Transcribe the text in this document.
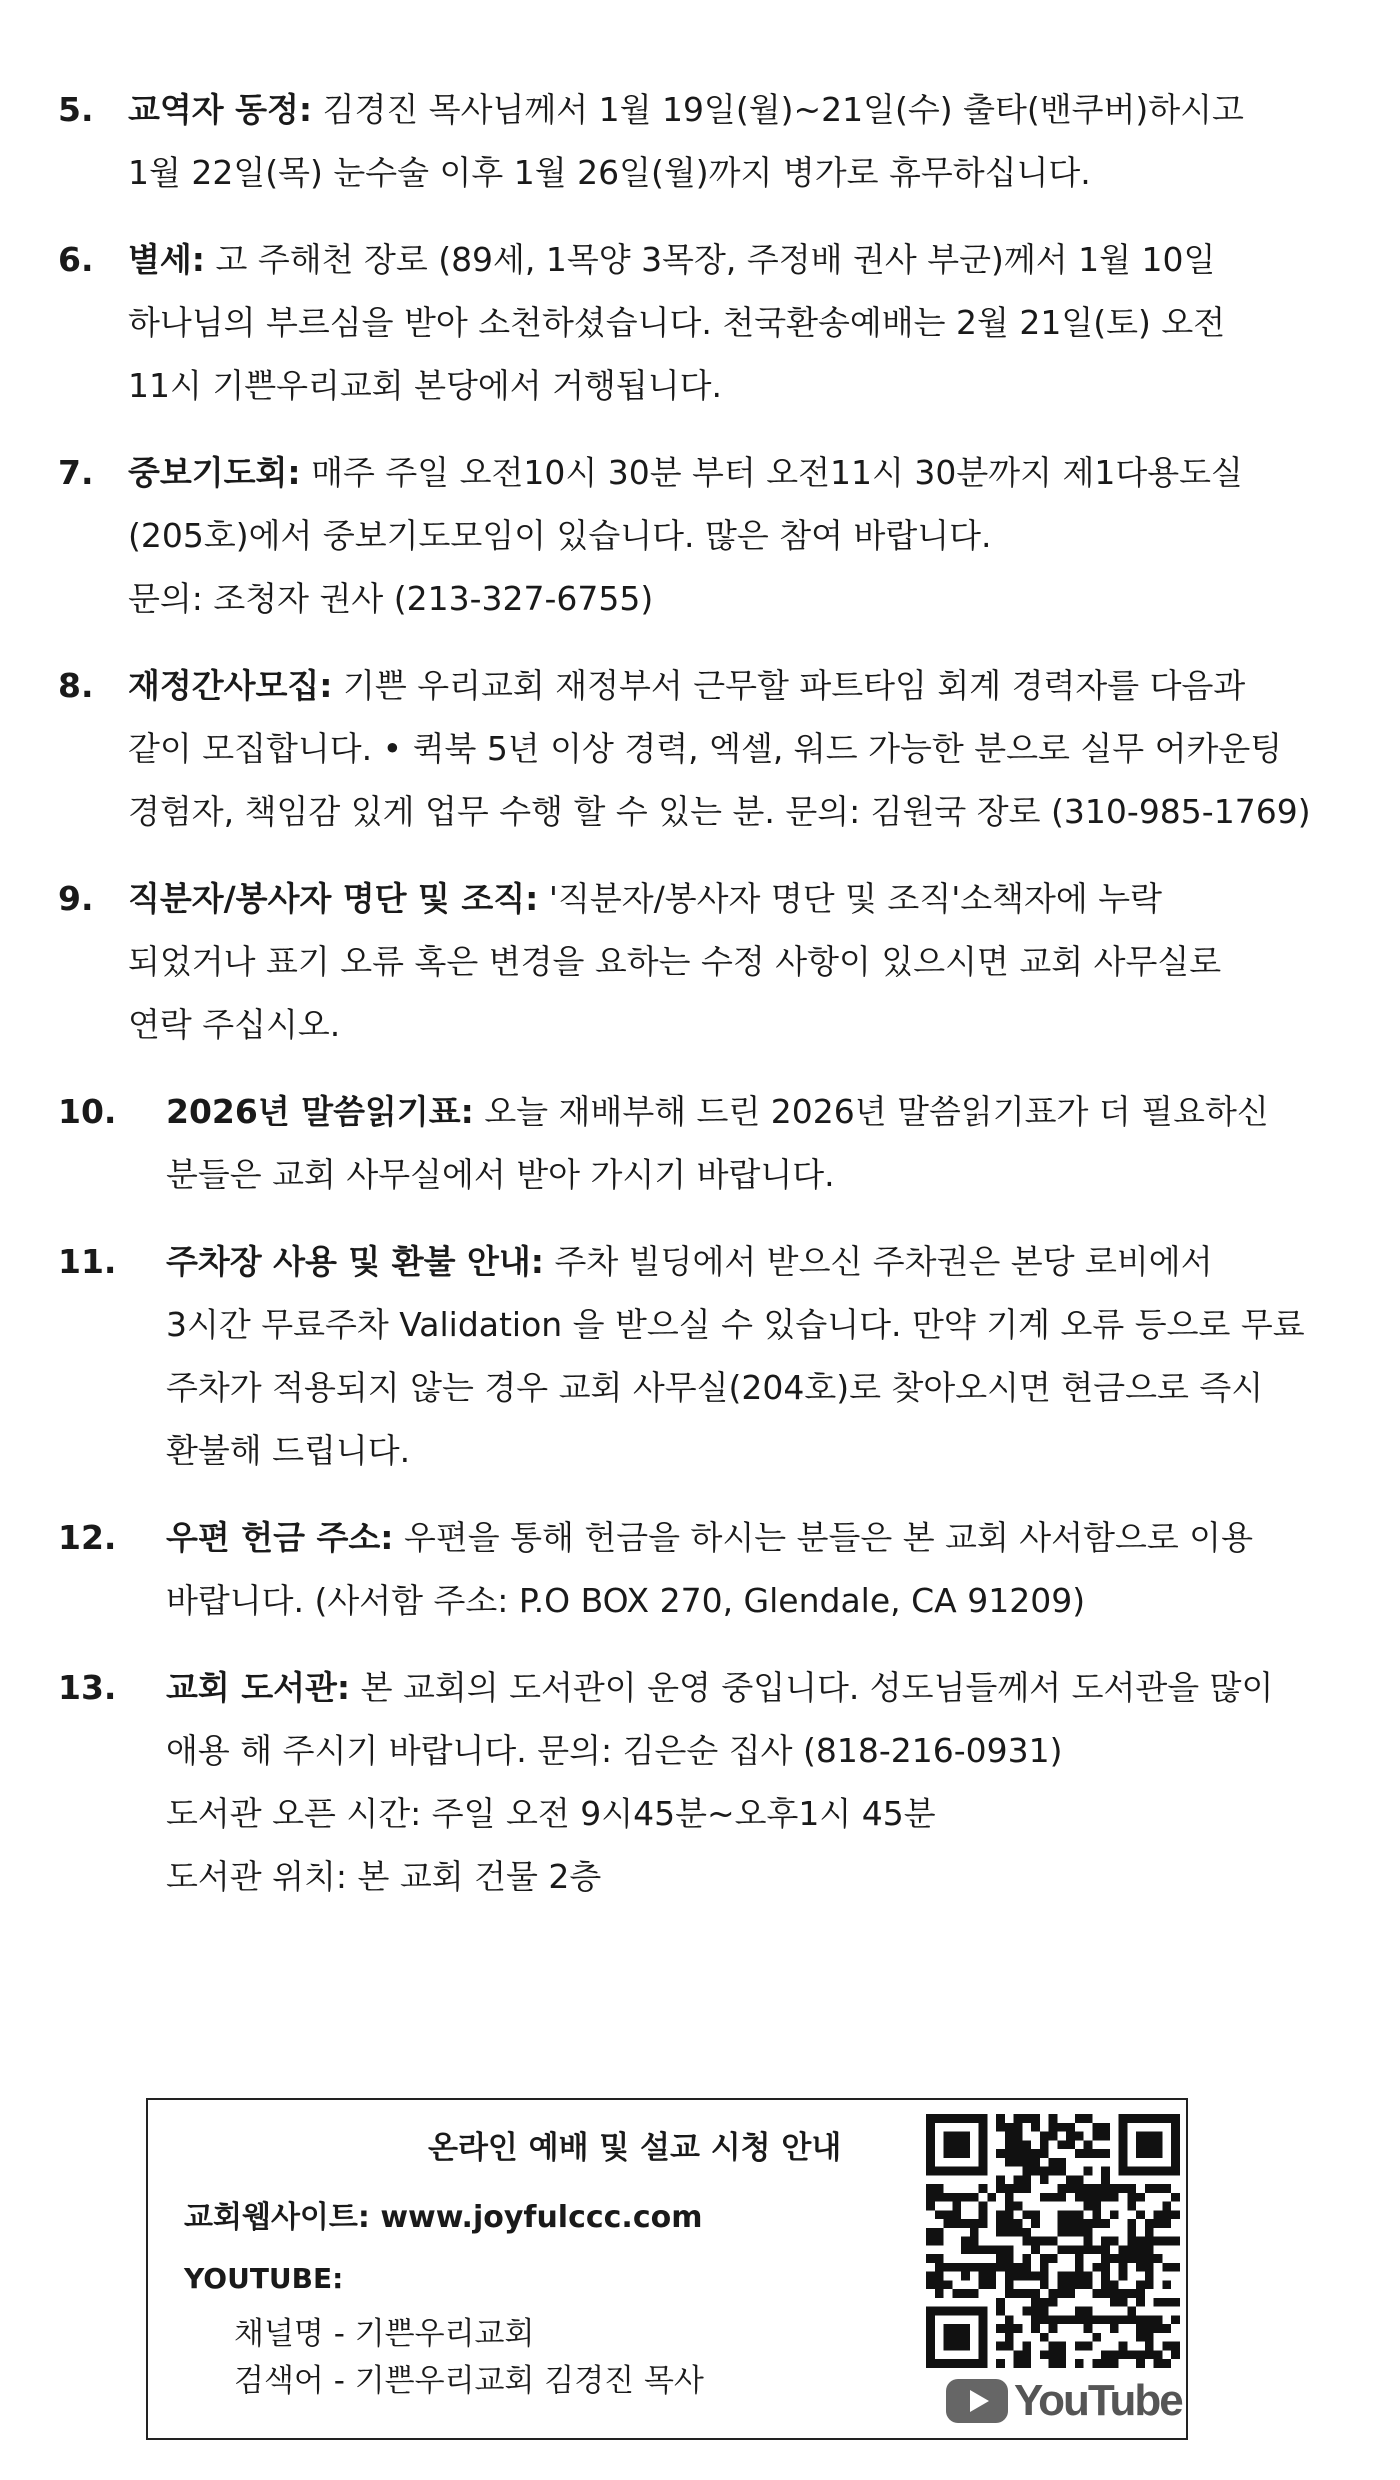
5.	교역자 동정: 김경진 목사님께서 1월 19일(월)~21일(수) 출타(밴쿠버)하시고
1월 22일(목) 눈수술 이후 1월 26일(월)까지 병가로 휴무하십니다.
6.	별세: 고 주해천 장로 (89세, 1목양 3목장, 주정배 권사 부군)께서 1월 10일
하나님의 부르심을 받아 소천하셨습니다. 천국환송예배는 2월 21일(토) 오전
11시 기쁜우리교회 본당에서 거행됩니다.
7.	중보기도회: 매주 주일 오전10시 30분 부터 오전11시 30분까지 제1다용도실
(205호)에서 중보기도모임이 있습니다. 많은 참여 바랍니다.
문의: 조청자 권사 (213-327-6755)
8.	재정간사모집: 기쁜 우리교회 재정부서 근무할 파트타임 회계 경력자를 다음과
같이 모집합니다. • 퀵북 5년 이상 경력, 엑셀, 워드 가능한 분으로 실무 어카운팅
경험자, 책임감 있게 업무 수행 할 수 있는 분. 문의: 김원국 장로 (310-985-1769)
9.	직분자/봉사자 명단 및 조직: '직분자/봉사자 명단 및 조직'소책자에 누락
되었거나 표기 오류 혹은 변경을 요하는 수정 사항이 있으시면 교회 사무실로
연락 주십시오.
10.	2026년 말씀읽기표: 오늘 재배부해 드린 2026년 말씀읽기표가 더 필요하신
분들은 교회 사무실에서 받아 가시기 바랍니다.
11.	주차장 사용 및 환불 안내: 주차 빌딩에서 받으신 주차권은 본당 로비에서
3시간 무료주차 Validation 을 받으실 수 있습니다. 만약 기계 오류 등으로 무료
주차가 적용되지 않는 경우 교회 사무실(204호)로 찾아오시면 현금으로 즉시
환불해 드립니다.
12.	우편 헌금 주소: 우편을 통해 헌금을 하시는 분들은 본 교회 사서함으로 이용
바랍니다. (사서함 주소: P.O BOX 270, Glendale, CA 91209)
13.	교회 도서관: 본 교회의 도서관이 운영 중입니다. 성도님들께서 도서관을 많이
애용 해 주시기 바랍니다. 문의: 김은순 집사 (818-216-0931)
도서관 오픈 시간: 주일 오전 9시45분~오후1시 45분
도서관 위치: 본 교회 건물 2층
온라인 예배 및 설교 시청 안내
교회웹사이트: www.joyfulccc.com
YOUTUBE:
채널명 - 기쁜우리교회
검색어 - 기쁜우리교회 김경진 목사	YouTube
